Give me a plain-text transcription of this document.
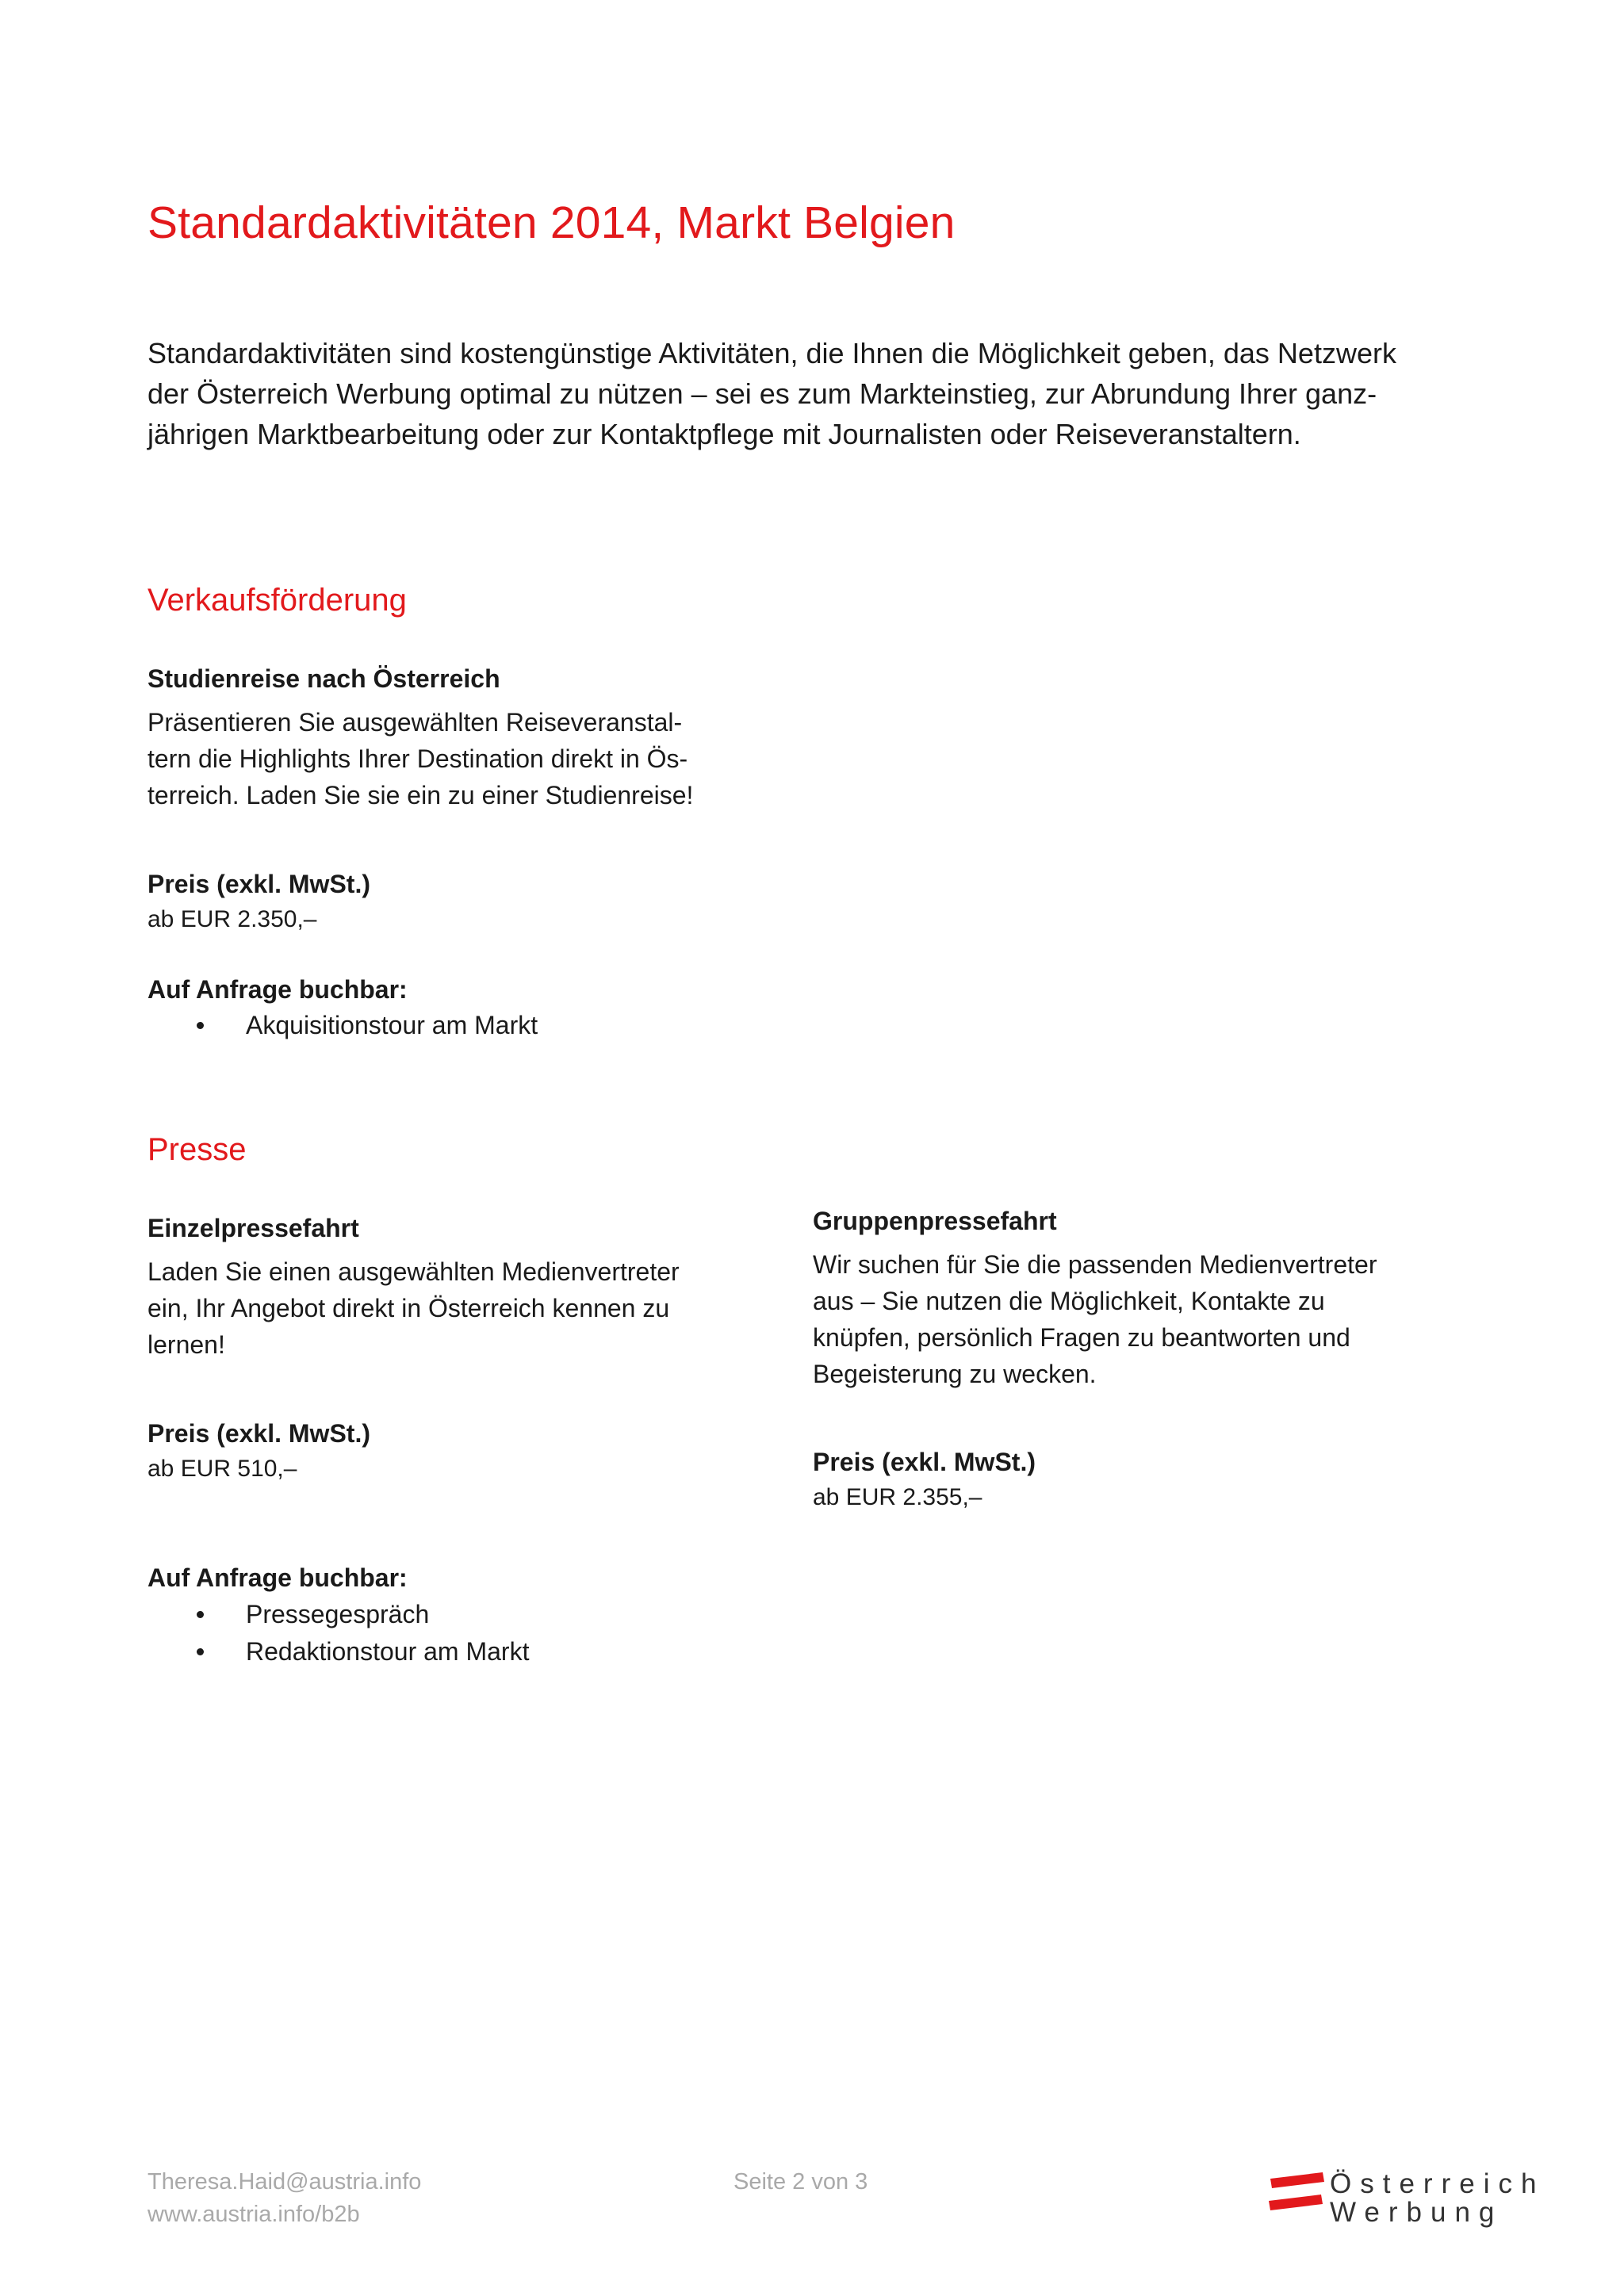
Standardaktivitäten 2014, Markt Belgien
Standardaktivitäten sind kostengünstige Aktivitäten, die Ihnen die Möglichkeit geben, das Netzwerk
der Österreich Werbung optimal zu nützen – sei es zum Markteinstieg, zur Abrundung Ihrer ganz-
jährigen Marktbearbeitung oder zur Kontaktpflege mit Journalisten oder Reiseveranstaltern.
Verkaufsförderung
Studienreise nach Österreich
Präsentieren Sie ausgewählten Reiseveranstal-
tern die Highlights Ihrer Destination direkt in Ös-
terreich. Laden Sie sie ein zu einer Studienreise!
Preis (exkl. MwSt.)
ab EUR 2.350,–
Auf Anfrage buchbar:
Akquisitionstour am Markt
Presse
Einzelpressefahrt
Laden Sie einen ausgewählten Medienvertreter
ein, Ihr Angebot direkt in Österreich kennen zu
lernen!
Preis (exkl. MwSt.)
ab EUR 510,–
Gruppenpressefahrt
Wir suchen für Sie die passenden Medienvertreter
aus – Sie nutzen die Möglichkeit, Kontakte zu
knüpfen, persönlich Fragen zu beantworten und
Begeisterung zu wecken.
Preis (exkl. MwSt.)
ab EUR 2.355,–
Auf Anfrage buchbar:
Pressegespräch
Redaktionstour am Markt
Theresa.Haid@austria.info
www.austria.info/b2b
Seite 2 von 3	Österreich
Werbung
